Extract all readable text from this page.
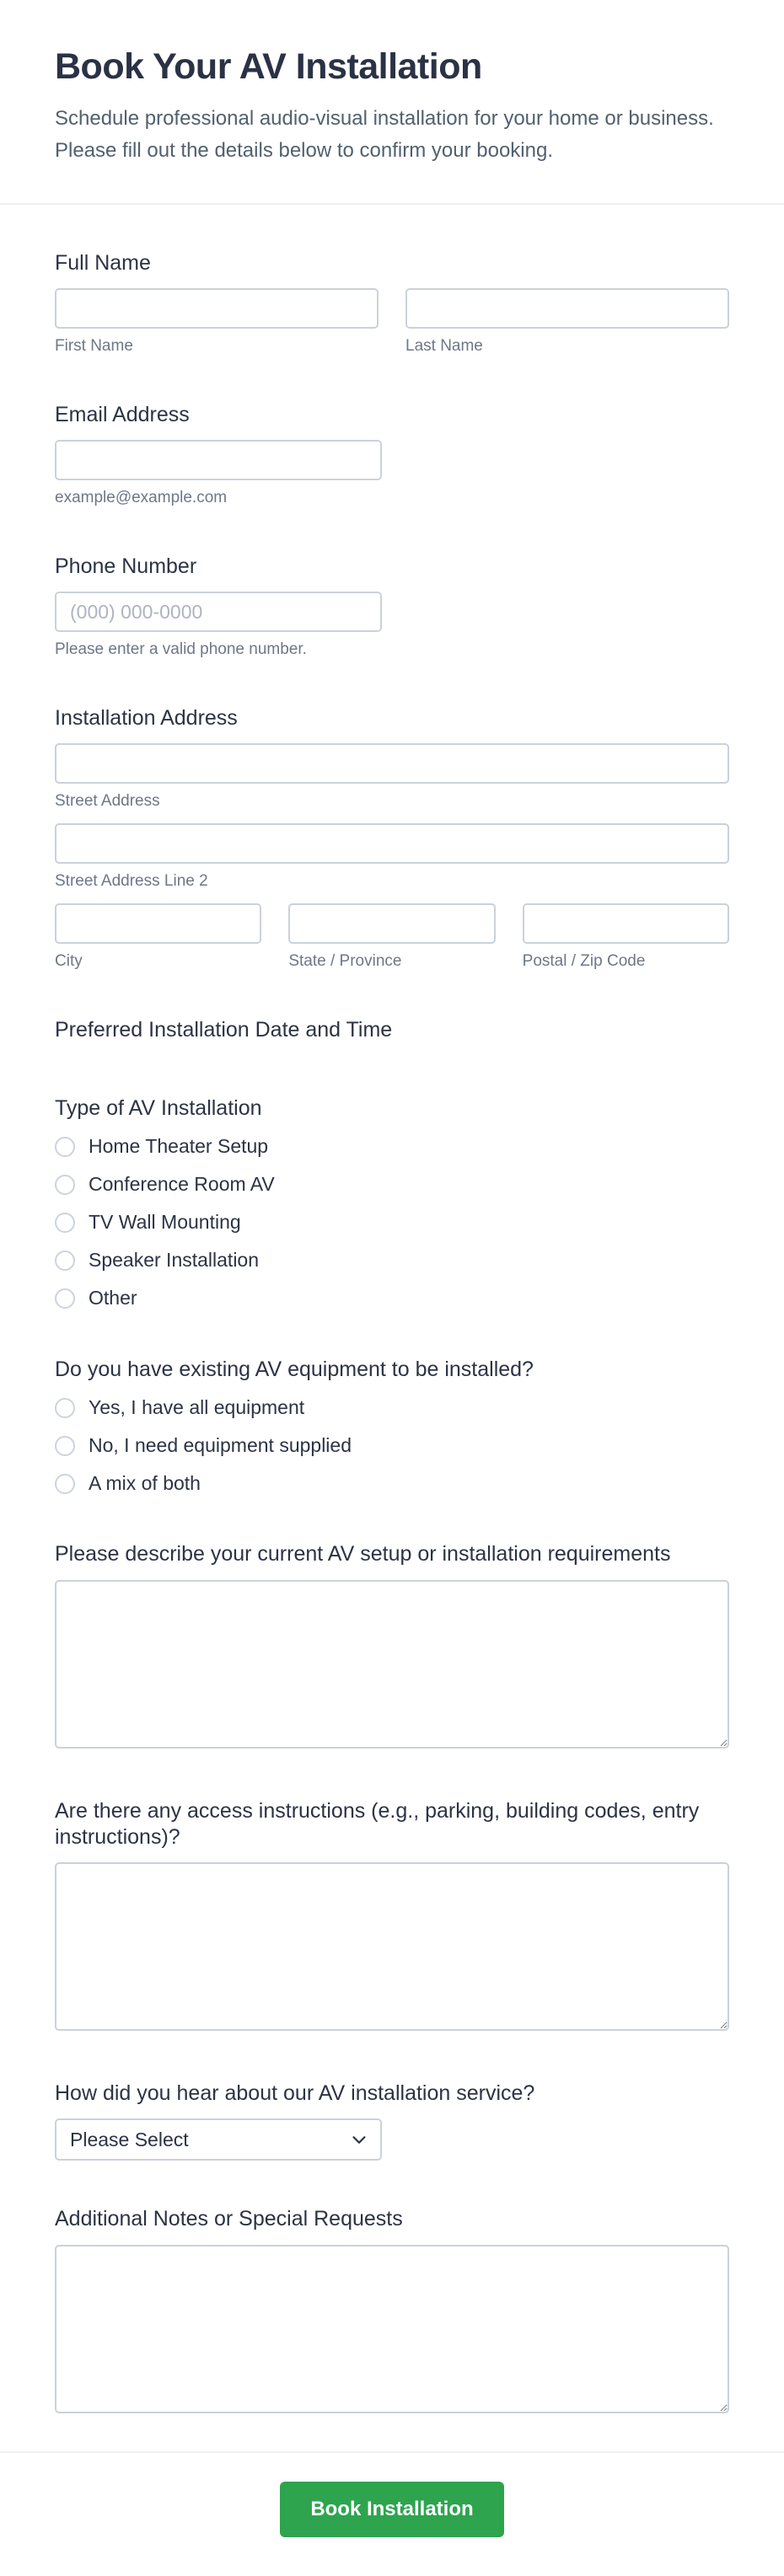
Book Your AV Installation
Schedule professional audio-visual installation for your home or business. Please fill out the details below to confirm your booking.
Full Name
First Name	Last Name
Email Address
example@example.com
Phone Number
(000) 000-0000
Please enter a valid phone number.
Installation Address
Street Address
Street Address Line 2
City	State / Province	Postal / Zip Code
Preferred Installation Date and Time
Type of AV Installation
Home Theater Setup
Conference Room AV
TV Wall Mounting
Speaker Installation
Other
Do you have existing AV equipment to be installed?
Yes, I have all equipment
No, I need equipment supplied
A mix of both
Please describe your current AV setup or installation requirements
Are there any access instructions (e.g., parking, building codes, entry instructions)?
How did you hear about our AV installation service?
Please Select
Additional Notes or Special Requests
Book Installation
